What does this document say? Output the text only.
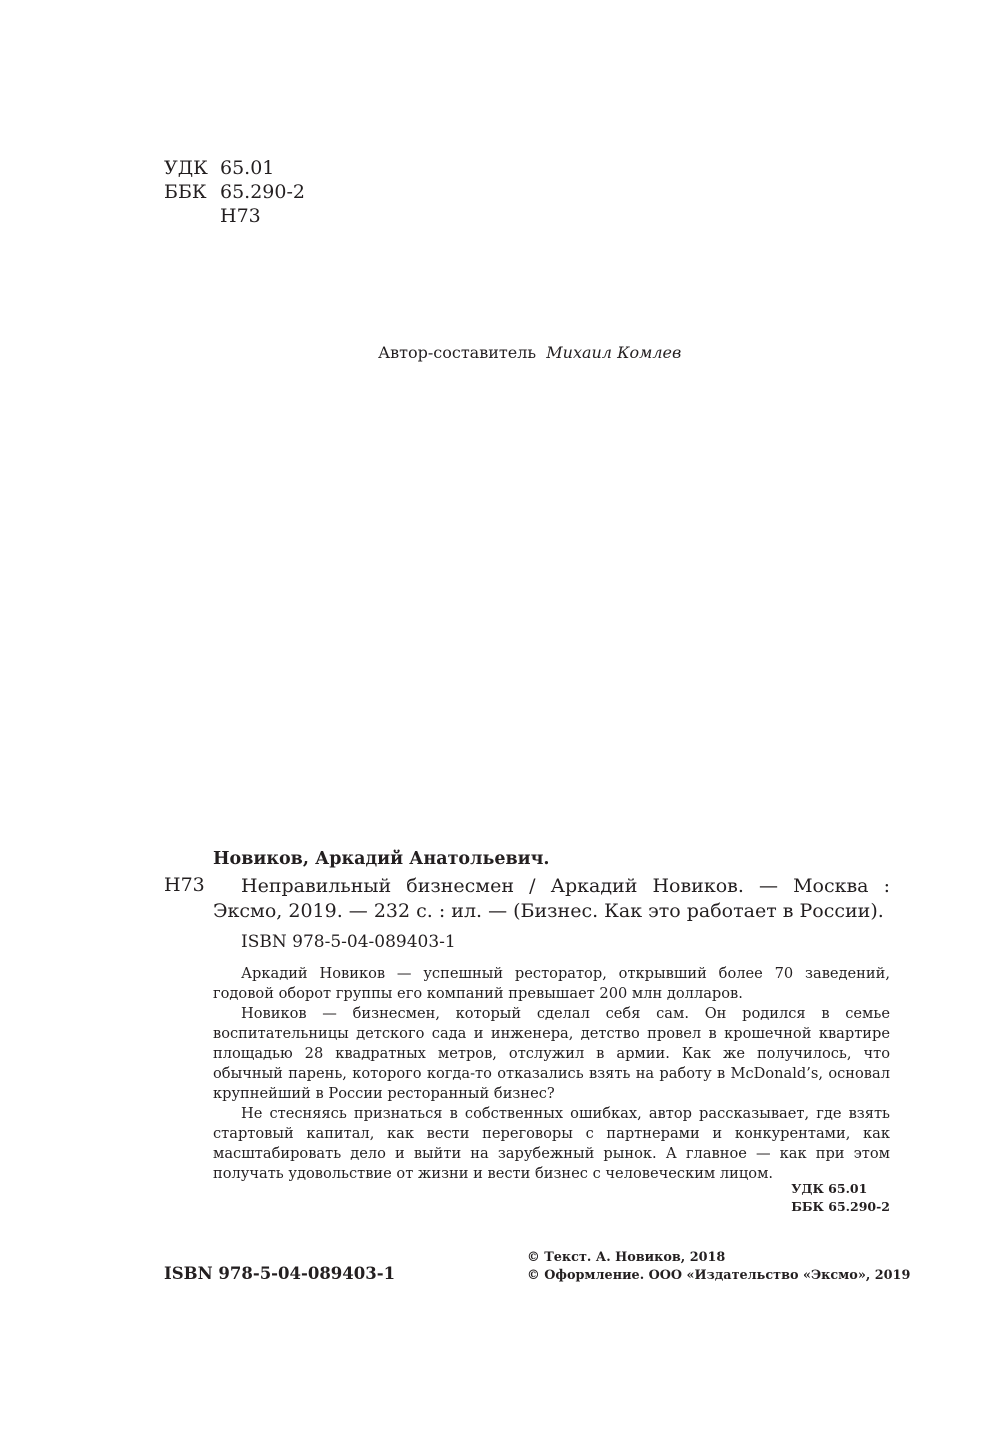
УДК 65.01
ББК 65.290-2
Н73
Автор-составитель Михаил Комлев
Новиков, Аркадий Анатольевич.
Н73	Неправильный бизнесмен / Аркадий Новиков. — Москва : Эксмо, 2019. — 232 с. : ил. — (Бизнес. Как это работает в России).
ISBN 978-5-04-089403-1

Аркадий Новиков — успешный ресторатор, открывший более 70 заведений, годовой оборот группы его компаний превышает 200 млн долларов.

Новиков — бизнесмен, который сделал себя сам. Он родился в семье воспитательницы детского сада и инженера, детство провел в крошечной квартире площадью 28 квадратных метров, отслужил в армии. Как же получилось, что обычный парень, которого когда-то отказались взять на работу в McDonald’s, основал крупнейший в России ресторанный бизнес?

Не стесняясь признаться в собственных ошибках, автор рассказывает, где взять стартовый капитал, как вести переговоры с партнерами и конкурентами, как масштабировать дело и выйти на зарубежный рынок. А главное — как при этом получать удовольствие от жизни и вести бизнес с человеческим лицом.

УДК 65.01
ББК 65.290-2
ISBN 978-5-04-089403-1
© Текст. А. Новиков, 2018
© Оформление. ООО «Издательство «Эксмо», 2019
